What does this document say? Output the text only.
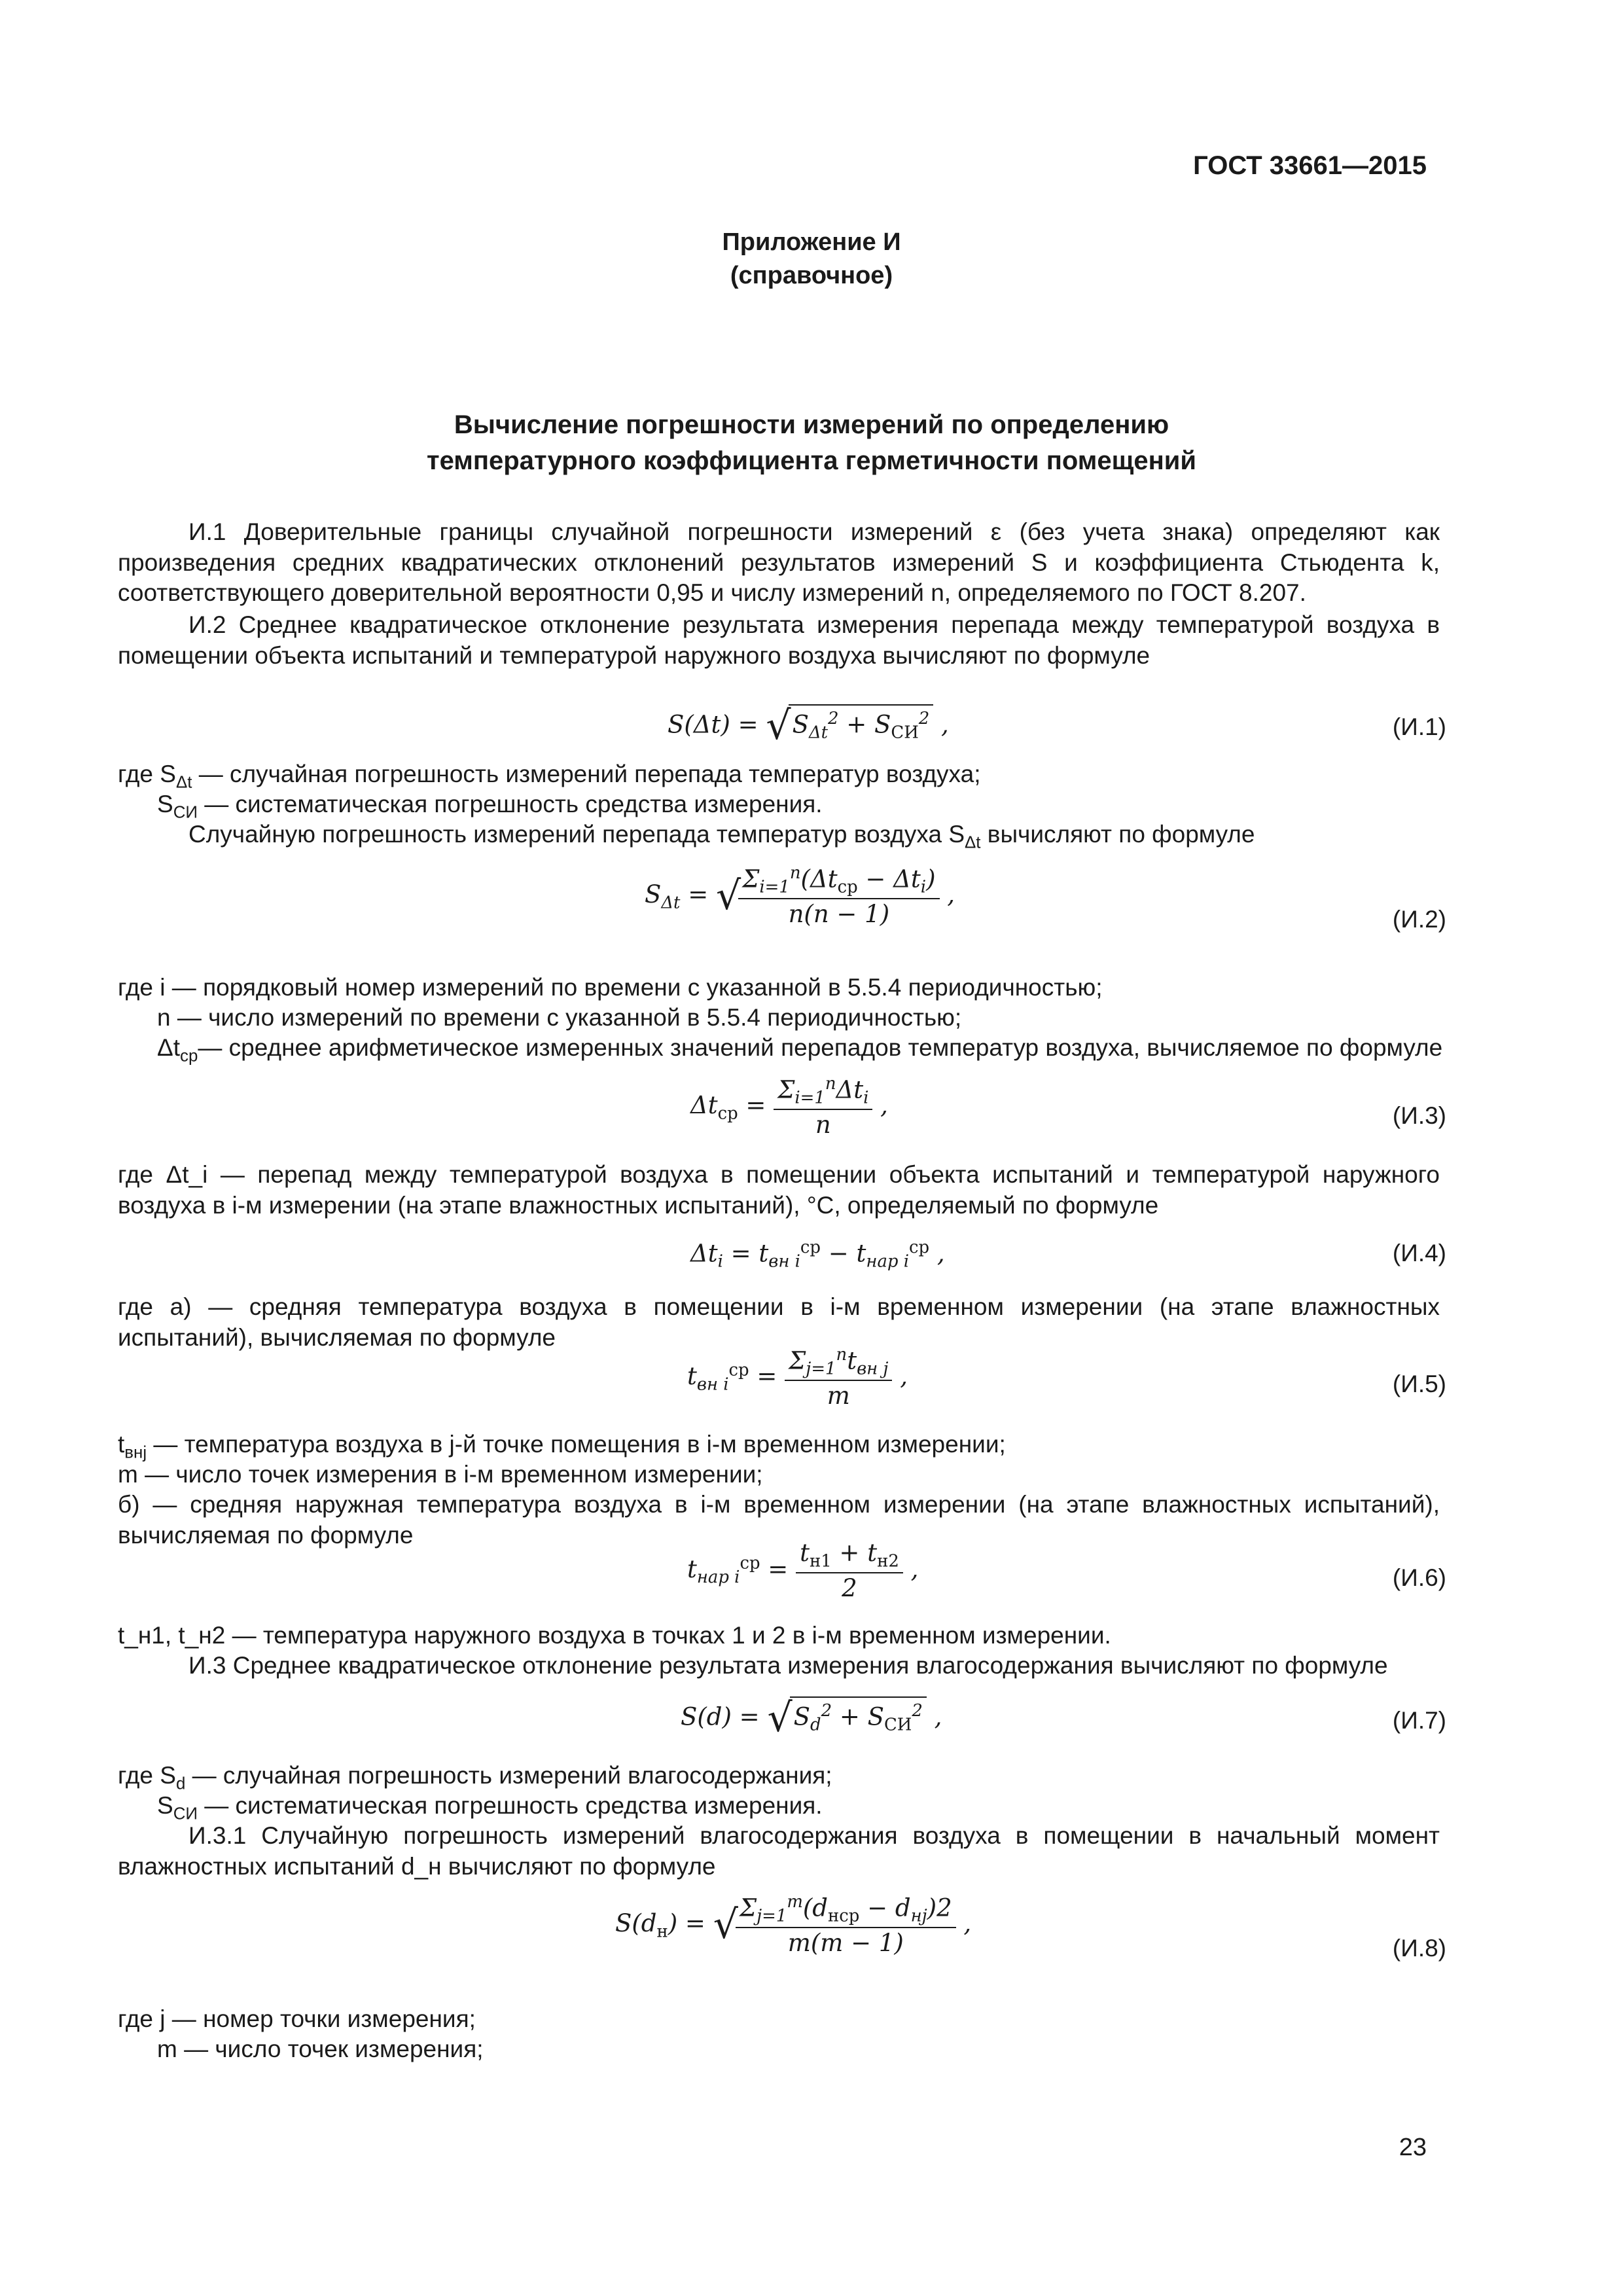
ГОСТ 33661—2015
Приложение И
(справочное)
Вычисление погрешности измерений по определению
температурного коэффициента герметичности помещений
И.1 Доверительные границы случайной погрешности измерений ε (без учета знака) определяют как произведения средних квадратических отклонений результатов измерений S и коэффициента Стьюдента k, соответствующего доверительной вероятности 0,95 и числу измерений n, определяемого по ГОСТ 8.207.
И.2 Среднее квадратическое отклонение результата измерения перепада между температурой воздуха в помещении объекта испытаний и температурой наружного воздуха вычисляют по формуле
$S(\Delta t) = √S_{\Delta t}^2 + S_{СИ}^2$ ,	(И.1)
где $S_{\Delta t}$ — случайная погрешность измерений перепада температур воздуха;
$S_{СИ}$ — систематическая погрешность средства измерения.
Случайную погрешность измерений перепада температур воздуха $S_{\Delta t}$ вычисляют по формуле
$S_{\Delta t}$ = √
$\frac{\Sigma_{i=1}^n(\Delta t_{ср} - \Delta t_i)}{n(n - 1)}$ ,
(И.2)
где i — порядковый номер измерений по времени с указанной в 5.5.4 периодичностью;
n — число измерений по времени с указанной в 5.5.4 периодичностью;
$\Delta t_{ср}—$ среднее арифметическое измеренных значений перепадов температур воздуха, вычисляемое по формуле
$\Delta t_{ср} = \frac{\Sigma_{i=1}^n\Delta t_i}{n}$ ,	(И.3)
где Δt_i — перепад между температурой воздуха в помещении объекта испытаний и температурой наружного воздуха в i-м измерении (на этапе влажностных испытаний), °С, определяемый по формуле
$\Delta t_i = t_{вн i}^{ср} - t_{нар i}^{ср}$ ,	(И.4)
где а) — средняя температура воздуха в помещении в i-м временном измерении (на этапе влажностных испытаний), вычисляемая по формуле
$t_{вн i}^{ср} = \frac{\Sigma_{j=1}^nt_{вн j}}{m}$ ,	(И.5)
$t_{внj}$ — температура воздуха в j-й точке помещения в i-м временном измерении;
m — число точек измерения в i-м временном измерении;
б) — средняя наружная температура воздуха в i-м временном измерении (на этапе влажностных испытаний), вычисляемая по формуле
$t_{нар i}^{ср} = \frac{t_{н1} + t_{н2}}{2}$ ,	(И.6)
t_н1, t_н2 — температура наружного воздуха в точках 1 и 2 в i-м временном измерении.
И.3 Среднее квадратическое отклонение результата измерения влагосодержания вычисляют по формуле
$S(d) = √S_d^2 + S_{СИ}^2$ ,	(И.7)
где $S_d$ — случайная погрешность измерений влагосодержания;
$S_{СИ}$ — систематическая погрешность средства измерения.
И.3.1 Случайную погрешность измерений влагосодержания воздуха в помещении в начальный момент влажностных испытаний d_н вычисляют по формуле
$S(d_н)$ = √
$\frac{\Sigma_{j=1}^m(d_{нср} - d_{нj})2}{m(m - 1)}$ ,
(И.8)
где j — номер точки измерения;
m — число точек измерения;
23
